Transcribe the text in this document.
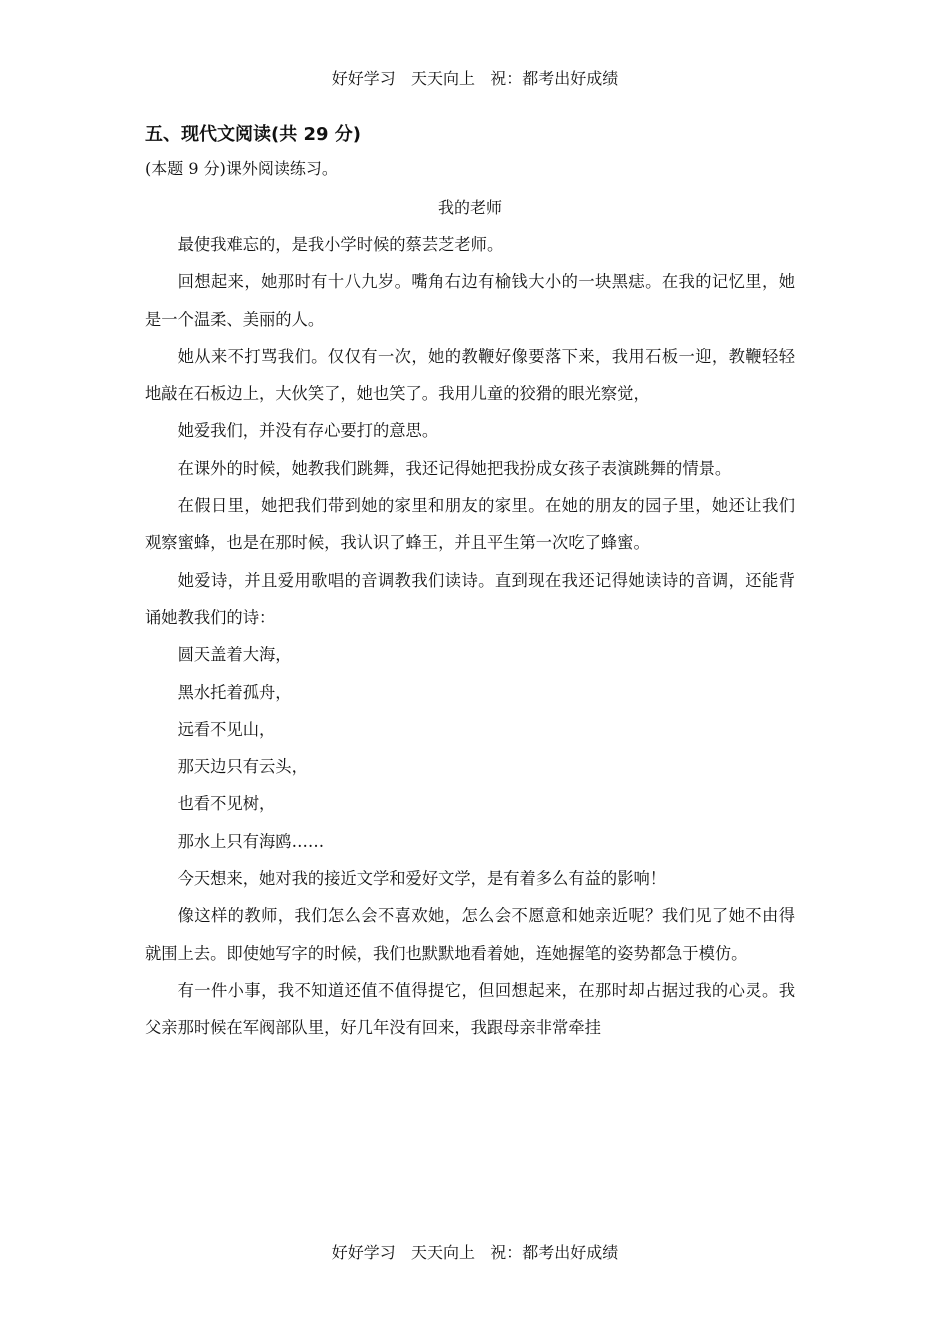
好好学习   天天向上   祝：都考出好成绩
五、现代文阅读(共 29 分)
(本题 9 分)课外阅读练习。
我的老师

最使我难忘的，是我小学时候的蔡芸芝老师。

回想起来，她那时有十八九岁。嘴角右边有榆钱大小的一块黑痣。在我的记忆里，她是一个温柔、美丽的人。

她从来不打骂我们。仅仅有一次，她的教鞭好像要落下来，我用石板一迎，教鞭轻轻地敲在石板边上，大伙笑了，她也笑了。我用儿童的狡猾的眼光察觉，

她爱我们，并没有存心要打的意思。

在课外的时候，她教我们跳舞，我还记得她把我扮成女孩子表演跳舞的情景。

在假日里，她把我们带到她的家里和朋友的家里。在她的朋友的园子里，她还让我们观察蜜蜂，也是在那时候，我认识了蜂王，并且平生第一次吃了蜂蜜。

她爱诗，并且爱用歌唱的音调教我们读诗。直到现在我还记得她读诗的音调，还能背诵她教我们的诗：

圆天盖着大海，

黑水托着孤舟，

远看不见山，

那天边只有云头，

也看不见树，

那水上只有海鸥……

今天想来，她对我的接近文学和爱好文学，是有着多么有益的影响！

像这样的教师，我们怎么会不喜欢她，怎么会不愿意和她亲近呢？我们见了她不由得就围上去。即使她写字的时候，我们也默默地看着她，连她握笔的姿势都急于模仿。

有一件小事，我不知道还值不值得提它，但回想起来，在那时却占据过我的心灵。我父亲那时候在军阀部队里，好几年没有回来，我跟母亲非常牵挂

好好学习   天天向上   祝：都考出好成绩
